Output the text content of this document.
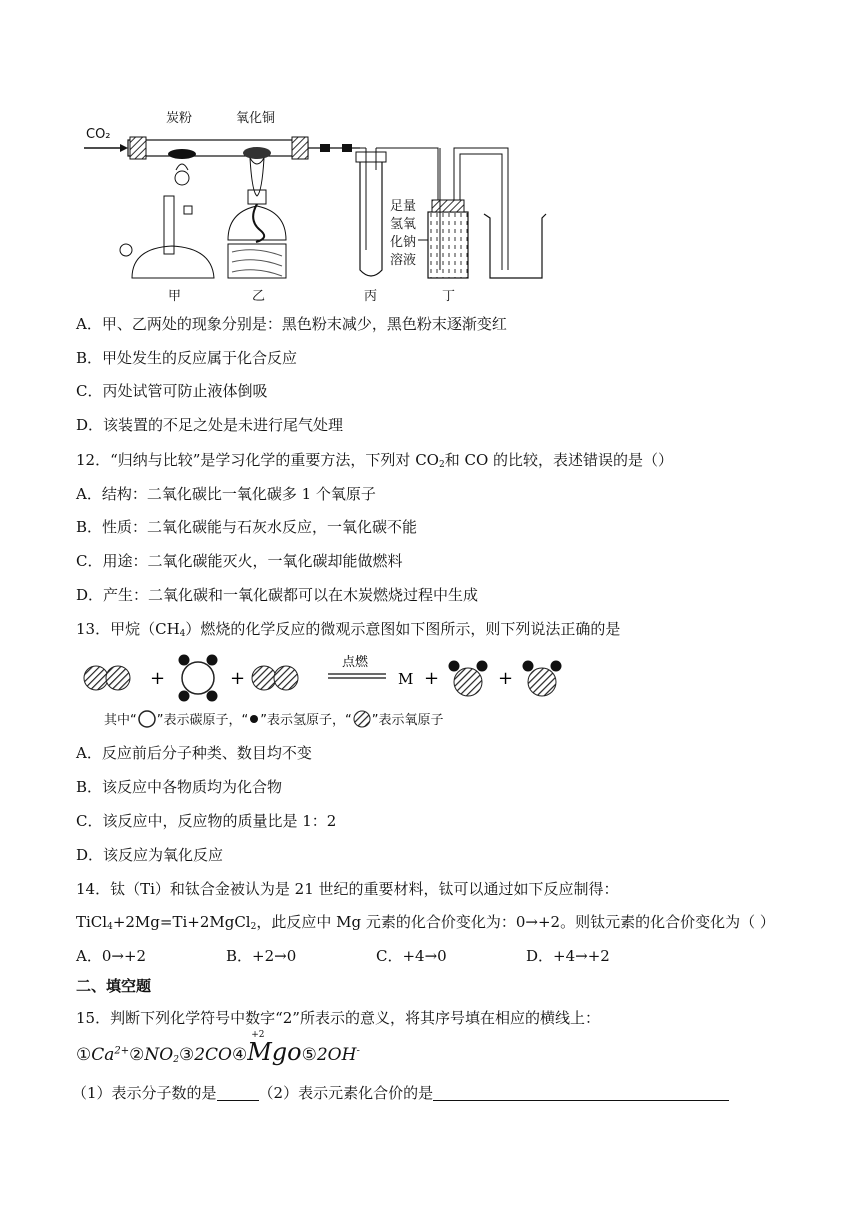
CO₂
炭粉	氧化铜
足量
氢氧
化钠
溶液
甲	乙	丙	丁
A．甲、乙两处的现象分别是：黑色粉末减少，黑色粉末逐渐变红
B．甲处发生的反应属于化合反应
C．丙处试管可防止液体倒吸
D．该装置的不足之处是未进行尾气处理
12．“归纳与比较”是学习化学的重要方法，下列对 $CO_2$和 CO 的比较，表述错误的是（）
A．结构：二氧化碳比一氧化碳多 1 个氧原子
B．性质：二氧化碳能与石灰水反应，一氧化碳不能
C．用途：二氧化碳能灭火，一氧化碳却能做燃料
D．产生：二氧化碳和一氧化碳都可以在木炭燃烧过程中生成
13．甲烷$(CH_4)$燃烧的化学反应的微观示意图如下图所示，则下列说法正确的是
+	+
点燃
M +	+
其中“ ”表示碳原子，“ ”表示氢原子，“ ”表示氧原子
A．反应前后分子种类、数目均不变
B．该反应中各物质均为化合物
C．该反应中，反应物的质量比是 1：2
D．该反应为氧化反应
14．钛（Ti）和钛合金被认为是 21 世纪的重要材料，钛可以通过如下反应制得：
TiCl$_4$+2Mg=Ti+2MgCl$_2$，此反应中 Mg 元素的化合价变化为：0→+2。则钛元素的化合价变化为（ ）
A．0→+2	B．+2→0	C．+4→0	D．+4→+2
二、填空题
15．判断下列化学符号中数字“2”所表示的意义，将其序号填在相应的横线上：
$①Ca^{2+}②NO_2③2CO④$
+2
Mgo⑤2OH-
（1）表示分子数的是	（2）表示元素化合价的是
